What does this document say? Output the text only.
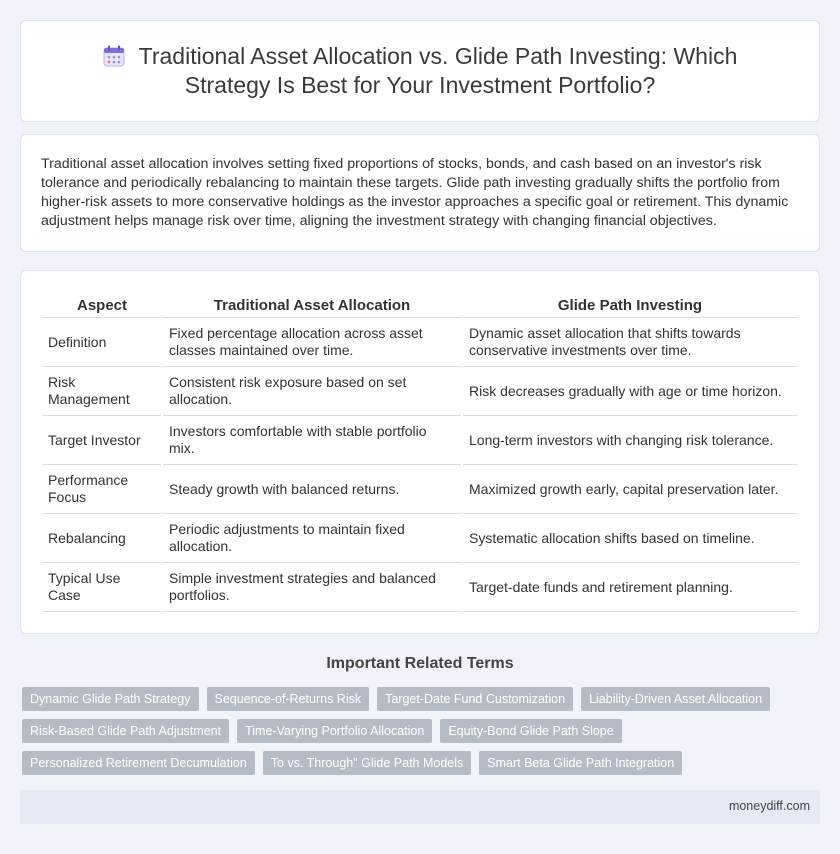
Traditional Asset Allocation vs. Glide Path Investing: Which Strategy Is Best for Your Investment Portfolio?

Traditional asset allocation involves setting fixed proportions of stocks, bonds, and cash based on an investor's risk tolerance and periodically rebalancing to maintain these targets. Glide path investing gradually shifts the portfolio from higher-risk assets to more conservative holdings as the investor approaches a specific goal or retirement. This dynamic adjustment helps manage risk over time, aligning the investment strategy with changing financial objectives.

Aspect	Traditional Asset Allocation	Glide Path Investing
Definition	Fixed percentage allocation across asset classes maintained over time.	Dynamic asset allocation that shifts towards conservative investments over time.
Risk Management	Consistent risk exposure based on set allocation.	Risk decreases gradually with age or time horizon.
Target Investor	Investors comfortable with stable portfolio mix.	Long-term investors with changing risk tolerance.
Performance Focus	Steady growth with balanced returns.	Maximized growth early, capital preservation later.
Rebalancing	Periodic adjustments to maintain fixed allocation.	Systematic allocation shifts based on timeline.
Typical Use Case	Simple investment strategies and balanced portfolios.	Target-date funds and retirement planning.
Important Related Terms
Dynamic Glide Path Strategy	Sequence-of-Returns Risk	Target-Date Fund Customization	Liability-Driven Asset Allocation
Risk-Based Glide Path Adjustment	Time-Varying Portfolio Allocation	Equity-Bond Glide Path Slope
Personalized Retirement Decumulation	To vs. Through" Glide Path Models	Smart Beta Glide Path Integration
moneydiff.com
